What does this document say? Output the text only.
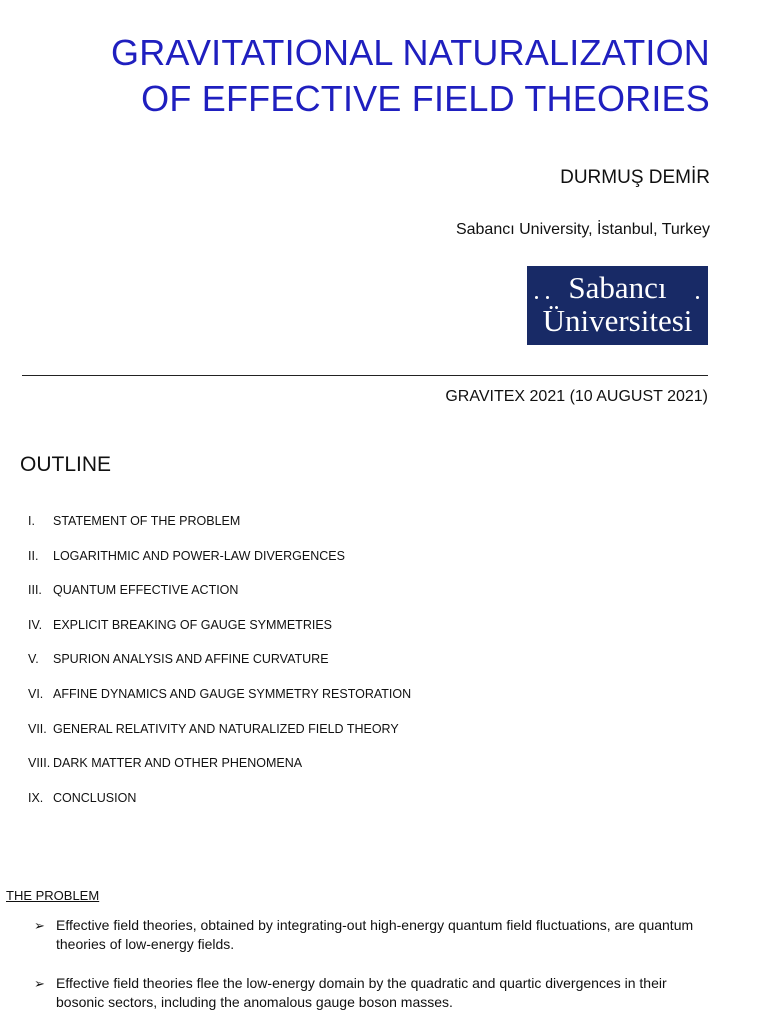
GRAVITATIONAL NATURALIZATION
OF EFFECTIVE FIELD THEORIES
DURMUŞ DEMİR
Sabancı University, İstanbul, Turkey
Sabancı
Üniversitesi
GRAVITEX 2021 (10 AUGUST 2021)
OUTLINE
I. STATEMENT OF THE PROBLEM
II. LOGARITHMIC AND POWER-LAW DIVERGENCES
III. QUANTUM EFFECTIVE ACTION
IV. EXPLICIT BREAKING OF GAUGE SYMMETRIES
V. SPURION ANALYSIS AND AFFINE CURVATURE
VI. AFFINE DYNAMICS AND GAUGE SYMMETRY RESTORATION
VII. GENERAL RELATIVITY AND NATURALIZED FIELD THEORY
VIII. DARK MATTER AND OTHER PHENOMENA
IX. CONCLUSION
THE PROBLEM
➢ Effective field theories, obtained by integrating-out high-energy quantum field fluctuations, are quantum theories of low-energy fields.
➢ Effective field theories flee the low-energy domain by the quadratic and quartic divergences in their bosonic sectors, including the anomalous gauge boson masses.
